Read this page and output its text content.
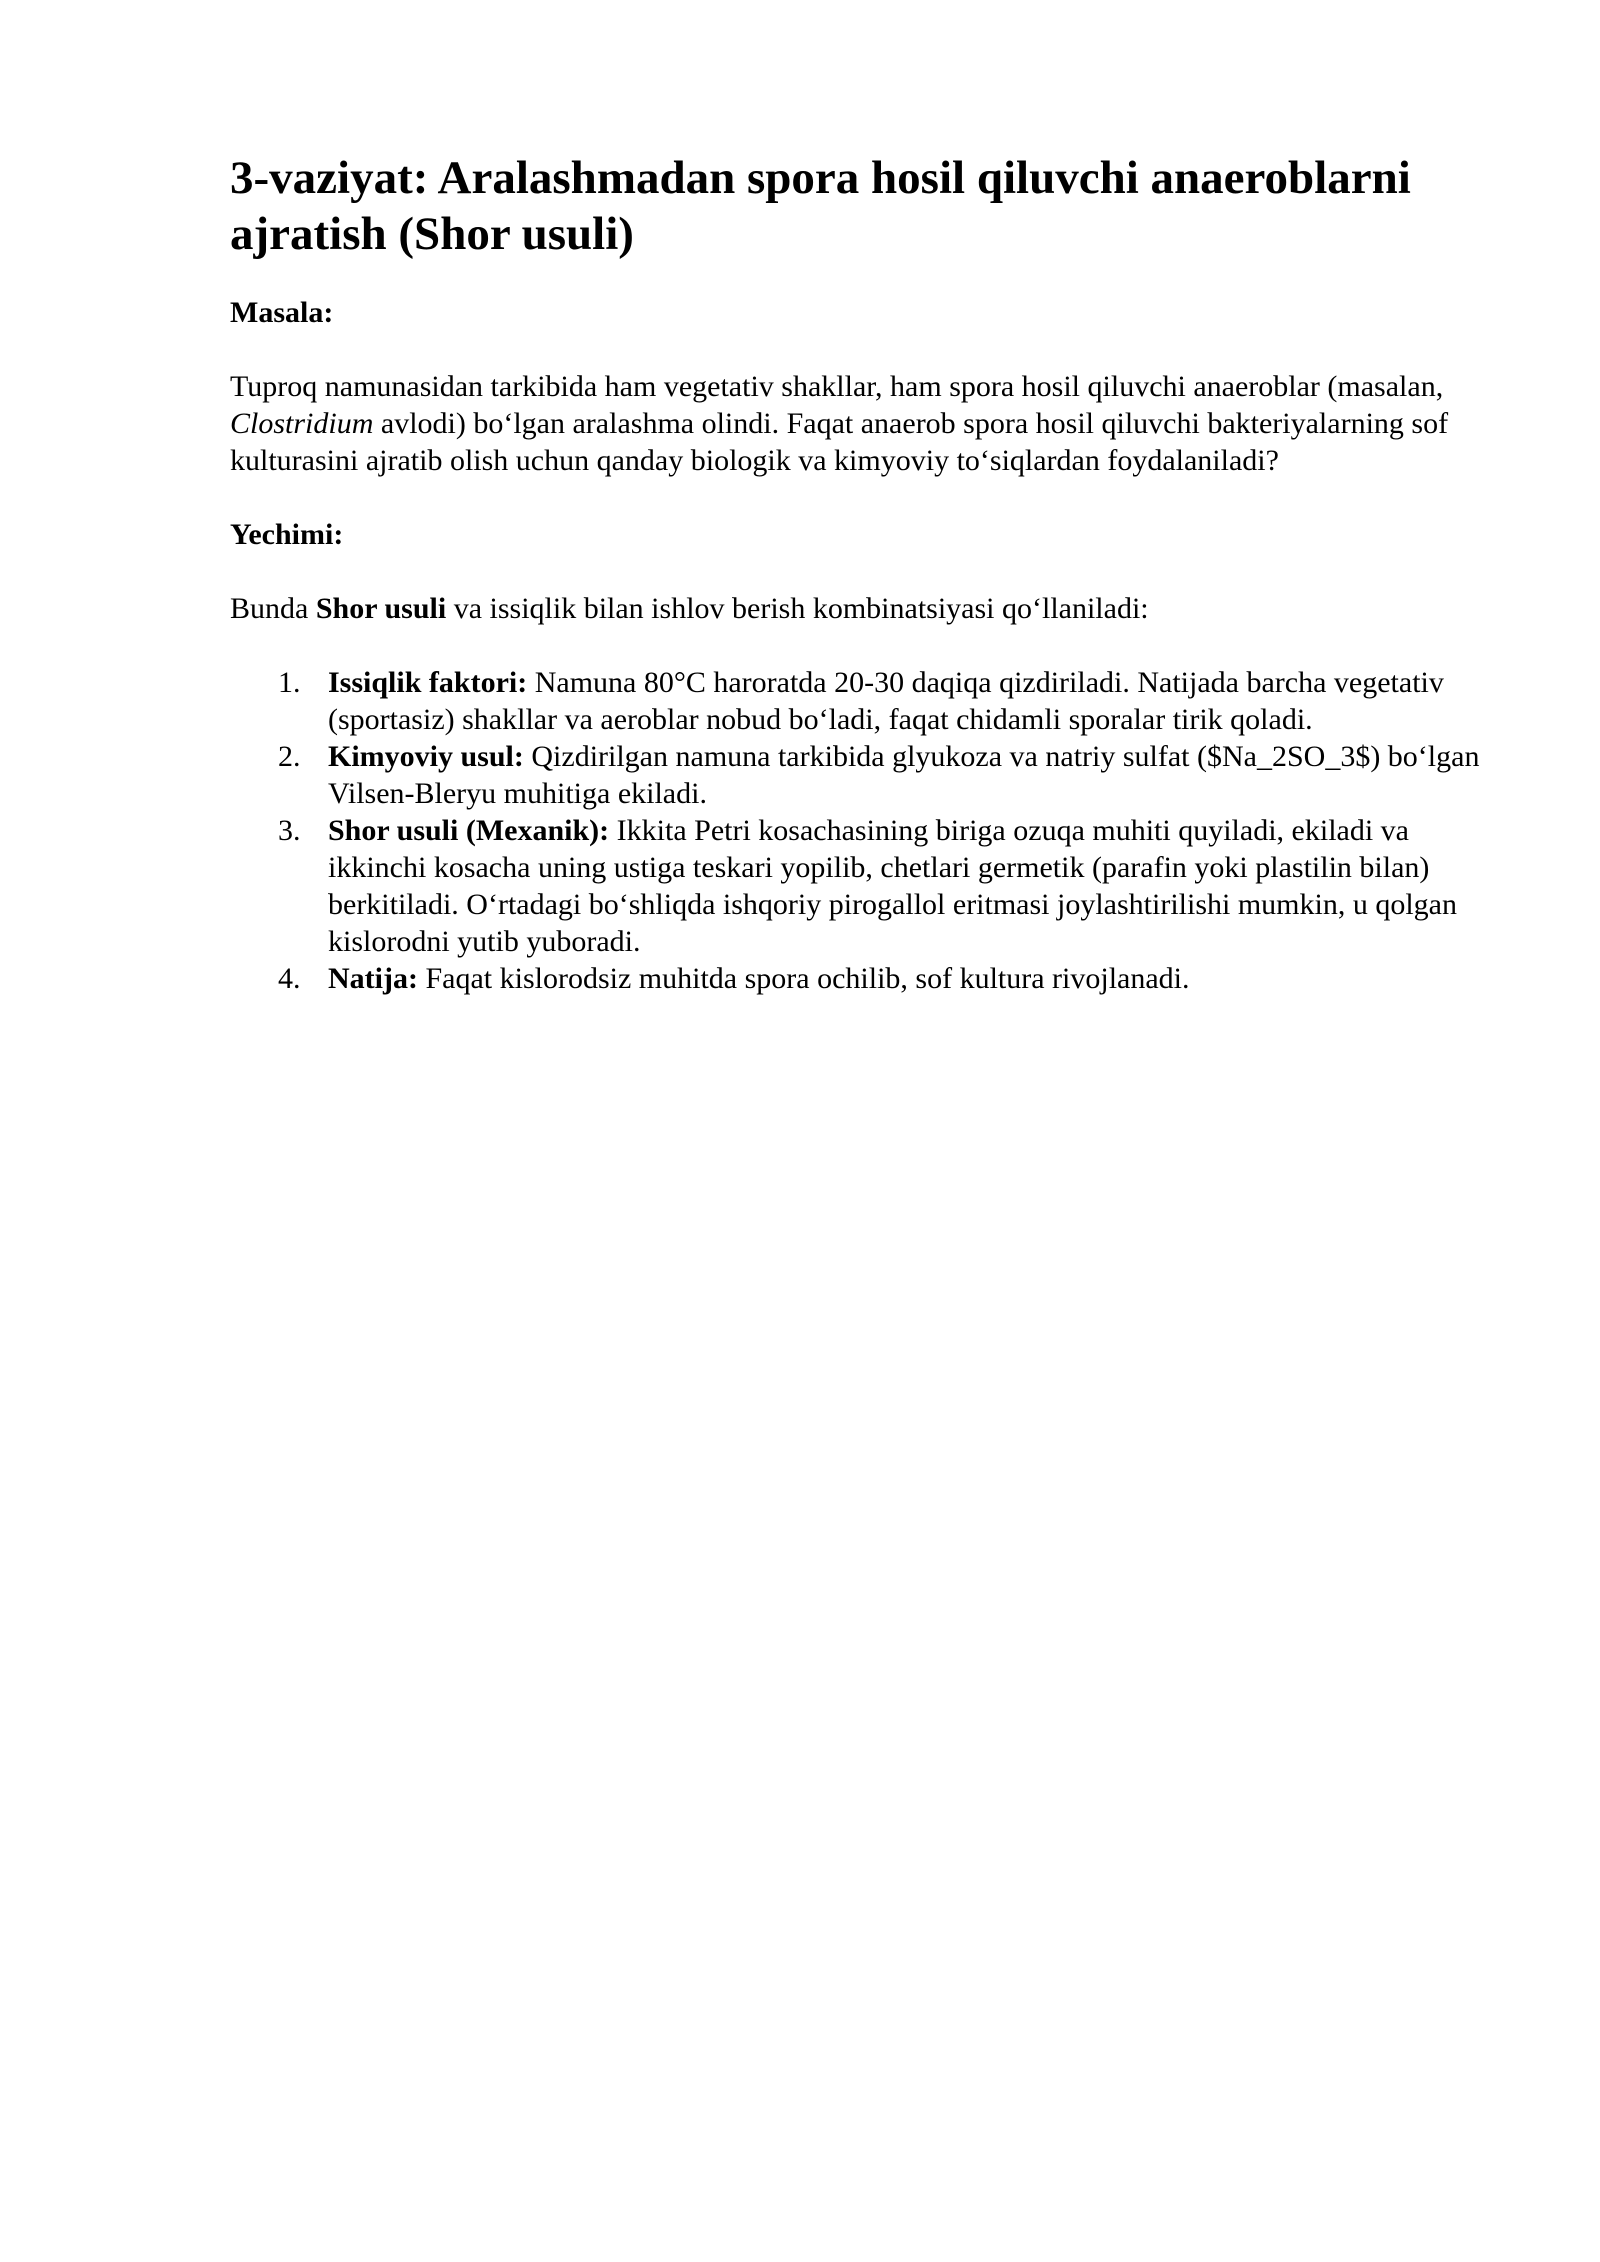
3-vaziyat: Aralashmadan spora hosil qiluvchi anaeroblarni ajratish (Shor usuli)
Masala:

Tuproq namunasidan tarkibida ham vegetativ shakllar, ham spora hosil qiluvchi anaeroblar (masalan, Clostridium avlodi) bo‘lgan aralashma olindi. Faqat anaerob spora hosil qiluvchi bakteriyalarning sof kulturasini ajratib olish uchun qanday biologik va kimyoviy to‘siqlardan foydalaniladi?

Yechimi:

Bunda Shor usuli va issiqlik bilan ishlov berish kombinatsiyasi qo‘llaniladi:

1. Issiqlik faktori: Namuna 80°C haroratda 20-30 daqiqa qizdiriladi. Natijada barcha vegetativ (sportasiz) shakllar va aeroblar nobud bo‘ladi, faqat chidamli sporalar tirik qoladi.
2. Kimyoviy usul: Qizdirilgan namuna tarkibida glyukoza va natriy sulfat ($Na_2SO_3$) bo‘lgan Vilsen-Bleryu muhitiga ekiladi.
3. Shor usuli (Mexanik): Ikkita Petri kosachasining biriga ozuqa muhiti quyiladi, ekiladi va ikkinchi kosacha uning ustiga teskari yopilib, chetlari germetik (parafin yoki plastilin bilan) berkitiladi. O‘rtadagi bo‘shliqda ishqoriy pirogallol eritmasi joylashtirilishi mumkin, u qolgan kislorodni yutib yuboradi.
4. Natija: Faqat kislorodsiz muhitda spora ochilib, sof kultura rivojlanadi.
